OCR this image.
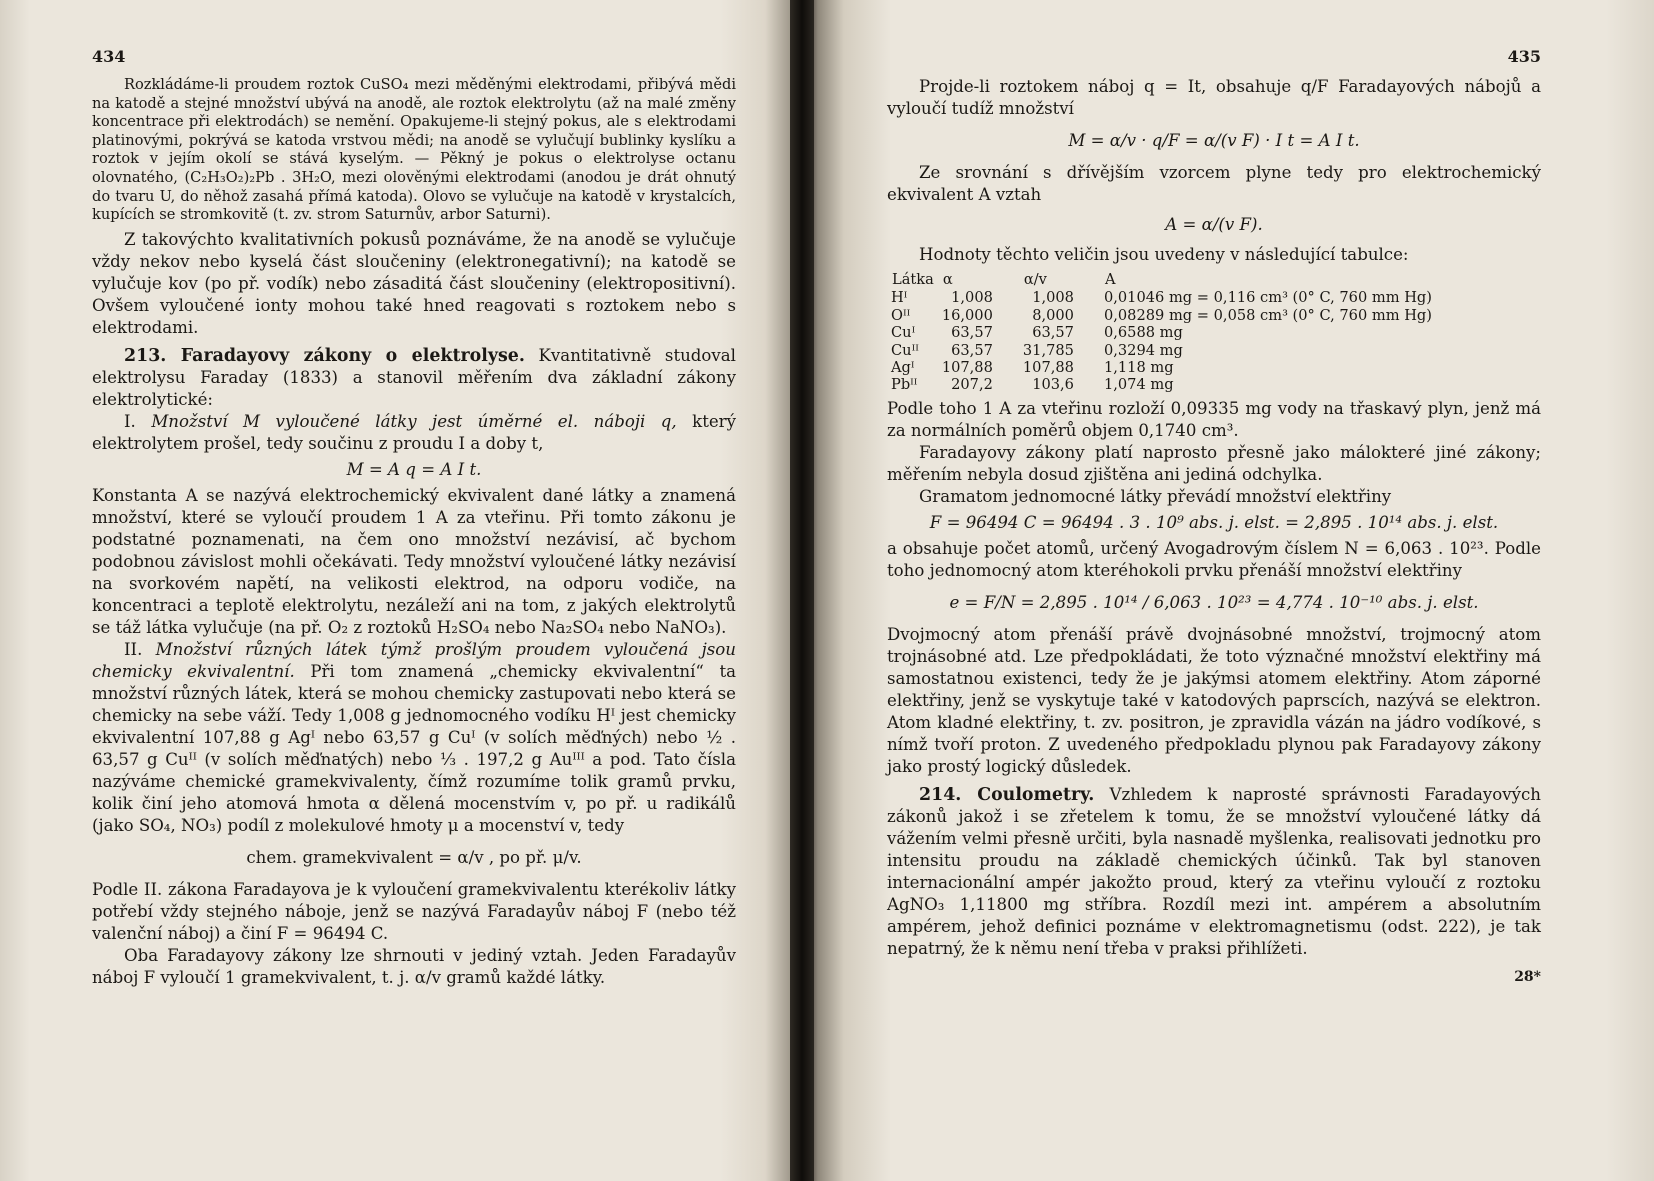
434

Rozkládáme-li proudem roztok CuSO₄ mezi měděnými elektrodami, přibývá mědi na katodě a stejné množství ubývá na anodě, ale roztok elektrolytu (až na malé změny koncentrace při elektrodách) se nemění. Opakujeme-li stejný pokus, ale s elektrodami platinovými, pokrývá se katoda vrstvou mědi; na anodě se vylučují bublinky kyslíku a roztok v jejím okolí se stává kyselým. — Pěkný je pokus o elektrolyse octanu olovnatého, (C₂H₃O₂)₂Pb . 3H₂O, mezi olověnými elektrodami (anodou je drát ohnutý do tvaru U, do něhož zasahá přímá katoda). Olovo se vylučuje na katodě v krystalcích, kupících se stromkovitě (t. zv. strom Saturnův, arbor Saturni).

Z takovýchto kvalitativních pokusů poznáváme, že na anodě se vylučuje vždy nekov nebo kyselá část sloučeniny (elektronegativní); na katodě se vylučuje kov (po př. vodík) nebo zásaditá část sloučeniny (elektropositivní). Ovšem vyloučené ionty mohou také hned reagovati s roztokem nebo s elektrodami.

213. Faradayovy zákony o elektrolyse. Kvantitativně studoval elektrolysu Faraday (1833) a stanovil měřením dva základní zákony elektrolytické:

I. Množství M vyloučené látky jest úměrné el. náboji q, který elektrolytem prošel, tedy součinu z proudu I a doby t,

M = A q = A I t.

Konstanta A se nazývá elektrochemický ekvivalent dané látky a znamená množství, které se vyloučí proudem 1 A za vteřinu. Při tomto zákonu je podstatné poznamenati, na čem ono množství nezávisí, ač bychom podobnou závislost mohli očekávati. Tedy množství vyloučené látky nezávisí na svorkovém napětí, na velikosti elektrod, na odporu vodiče, na koncentraci a teplotě elektrolytu, nezáleží ani na tom, z jakých elektrolytů se táž látka vylučuje (na př. O₂ z roztoků H₂SO₄ nebo Na₂SO₄ nebo NaNO₃).

II. Množství různých látek týmž prošlým proudem vyloučená jsou chemicky ekvivalentní. Při tom znamená „chemicky ekvivalentní“ ta množství různých látek, která se mohou chemicky zastupovati nebo která se chemicky na sebe váží. Tedy 1,008 g jednomocného vodíku Hᴵ jest chemicky ekvivalentní 107,88 g Agᴵ nebo 63,57 g Cuᴵ (v solích měďných) nebo ½ . 63,57 g Cuᴵᴵ (v solích měďnatých) nebo ⅓ . 197,2 g Auᴵᴵᴵ a pod. Tato čísla nazýváme chemické gramekvivalenty, čímž rozumíme tolik gramů prvku, kolik činí jeho atomová hmota α dělená mocenstvím v, po př. u radikálů (jako SO₄, NO₃) podíl z molekulové hmoty μ a mocenství v, tedy

chem. gramekvivalent = α/v , po př. μ/v.

Podle II. zákona Faradayova je k vyloučení gramekvivalentu kterékoliv látky potřebí vždy stejného náboje, jenž se nazývá Faradayův náboj F (nebo též valenční náboj) a činí F = 96494 C.

Oba Faradayovy zákony lze shrnouti v jediný vztah. Jeden Faradayův náboj F vyloučí 1 gramekvivalent, t. j. α/v gramů každé látky.

435

Projde-li roztokem náboj q = It, obsahuje q/F Faradayových nábojů a vyloučí tudíž množství

M = α/v · q/F = α/(v F) · I t = A I t.

Ze srovnání s dřívějším vzorcem plyne tedy pro elektrochemický ekvivalent A vztah

A = α/(v F).

Hodnoty těchto veličin jsou uvedeny v následující tabulce:

Látka	α	α/v	A
Hᴵ	1,008	1,008	0,01046 mg = 0,116 cm³ (0° C, 760 mm Hg)
Oᴵᴵ	16,000	8,000	0,08289 mg = 0,058 cm³ (0° C, 760 mm Hg)
Cuᴵ	63,57	63,57	0,6588 mg
Cuᴵᴵ	63,57	31,785	0,3294 mg
Agᴵ	107,88	107,88	1,118 mg
Pbᴵᴵ	207,2	103,6	1,074 mg

Podle toho 1 A za vteřinu rozloží 0,09335 mg vody na třaskavý plyn, jenž má za normálních poměrů objem 0,1740 cm³.

Faradayovy zákony platí naprosto přesně jako málokteré jiné zákony; měřením nebyla dosud zjištěna ani jediná odchylka.

Gramatom jednomocné látky převádí množství elektřiny

F = 96494 C = 96494 . 3 . 10⁹ abs. j. elst. = 2,895 . 10¹⁴ abs. j. elst.

a obsahuje počet atomů, určený Avogadrovým číslem N = 6,063 . 10²³. Podle toho jednomocný atom kteréhokoli prvku přenáší množství elektřiny

e = F/N = 2,895 . 10¹⁴ / 6,063 . 10²³ = 4,774 . 10⁻¹⁰ abs. j. elst.

Dvojmocný atom přenáší právě dvojnásobné množství, trojmocný atom trojnásobné atd. Lze předpokládati, že toto význačné množství elektřiny má samostatnou existenci, tedy že je jakýmsi atomem elektřiny. Atom záporné elektřiny, jenž se vyskytuje také v katodových paprscích, nazývá se elektron. Atom kladné elektřiny, t. zv. positron, je zpravidla vázán na jádro vodíkové, s nímž tvoří proton. Z uvedeného předpokladu plynou pak Faradayovy zákony jako prostý logický důsledek.

214. Coulometry. Vzhledem k naprosté správnosti Faradayových zákonů jakož i se zřetelem k tomu, že se množství vyloučené látky dá vážením velmi přesně určiti, byla nasnadě myšlenka, realisovati jednotku pro intensitu proudu na základě chemických účinků. Tak byl stanoven internacionální ampér jakožto proud, který za vteřinu vyloučí z roztoku AgNO₃ 1,11800 mg stříbra. Rozdíl mezi int. ampérem a absolutním ampérem, jehož definici poznáme v elektromagnetismu (odst. 222), je tak nepatrný, že k němu není třeba v praksi přihlížeti.

28*
